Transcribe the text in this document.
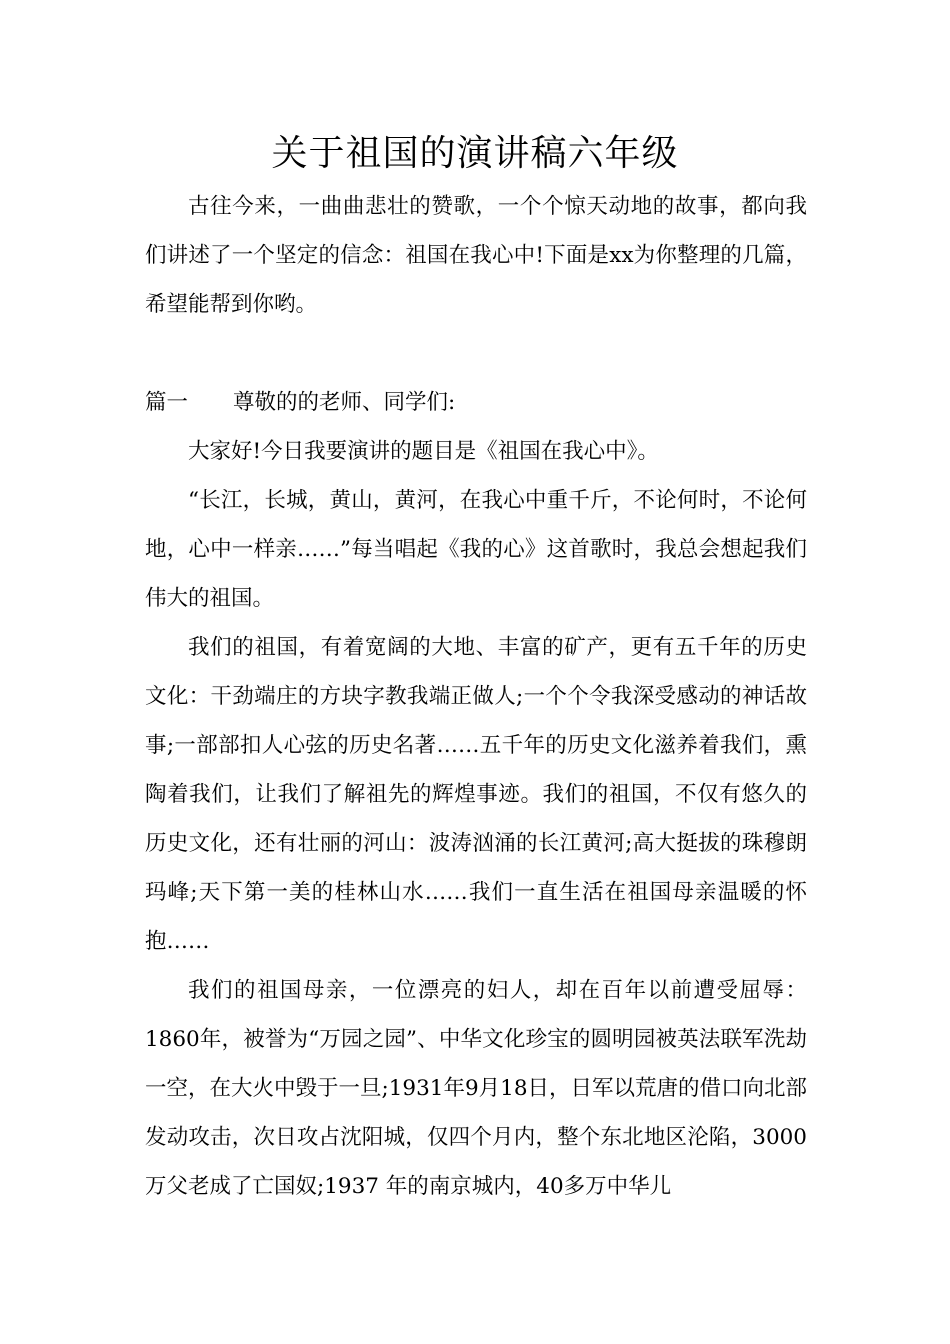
关于祖国的演讲稿六年级

古往今来，一曲曲悲壮的赞歌，一个个惊天动地的故事，都向我们讲述了一个坚定的信念：祖国在我心中!下面是xx为你整理的几篇，希望能帮到你哟。

篇一 尊敬的的老师、同学们:

大家好!今日我要演讲的题目是《祖国在我心中》。

“长江，长城，黄山，黄河，在我心中重千斤，不论何时，不论何地，心中一样亲……”每当唱起《我的心》这首歌时，我总会想起我们伟大的祖国。

我们的祖国，有着宽阔的大地、丰富的矿产，更有五千年的历史文化：干劲端庄的方块字教我端正做人;一个个令我深受感动的神话故事;一部部扣人心弦的历史名著……五千年的历史文化滋养着我们，熏陶着我们，让我们了解祖先的辉煌事迹。我们的祖国，不仅有悠久的历史文化，还有壮丽的河山：波涛汹涌的长江黄河;高大挺拔的珠穆朗玛峰;天下第一美的桂林山水……我们一直生活在祖国母亲温暖的怀抱……

我们的祖国母亲，一位漂亮的妇人，却在百年以前遭受屈辱：1860年，被誉为“万园之园”、中华文化珍宝的圆明园被英法联军洗劫一空，在大火中毁于一旦;1931年9月18日，日军以荒唐的借口向北部发动攻击，次日攻占沈阳城，仅四个月内，整个东北地区沦陷，3000万父老成了亡国奴;1937 年的南京城内，40多万中华儿
